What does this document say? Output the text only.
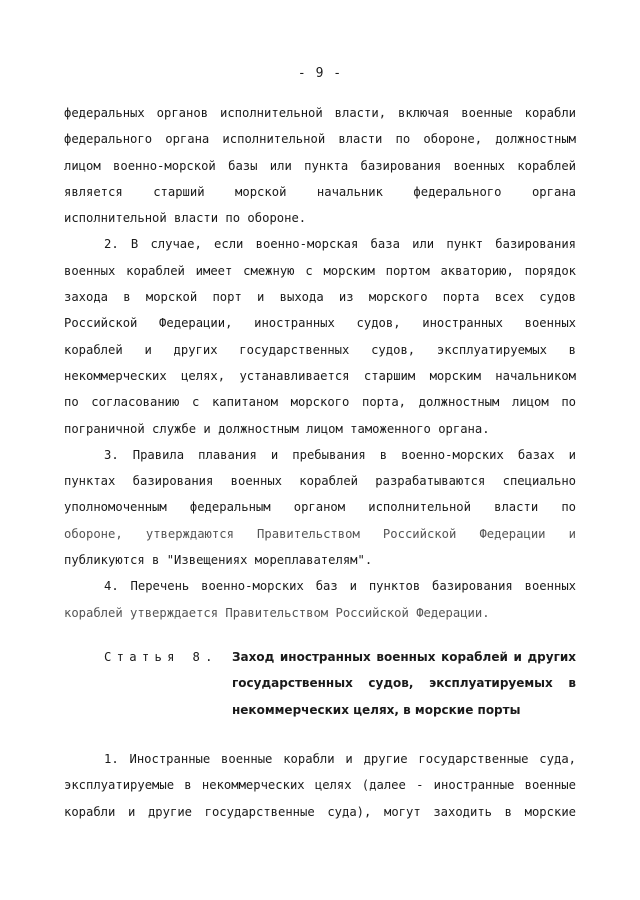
- 9 -
федеральных органов исполнительной власти, включая военные корабли
федерального органа исполнительной власти по обороне, должностным
лицом военно-морской базы или пункта базирования военных кораблей
является старший морской начальник федерального органа
исполнительной власти по обороне.
2. В случае, если военно-морская база или пункт базирования
военных кораблей имеет смежную с морским портом акваторию, порядок
захода в морской порт и выхода из морского порта всех судов
Российской Федерации, иностранных судов, иностранных военных
кораблей и других государственных судов, эксплуатируемых в
некоммерческих целях, устанавливается старшим морским начальником
по согласованию с капитаном морского порта, должностным лицом по
пограничной службе и должностным лицом таможенного органа.
3. Правила плавания и пребывания в военно-морских базах и
пунктах базирования военных кораблей разрабатываются специально
уполномоченным федеральным органом исполнительной власти по
обороне, утверждаются Правительством Российской Федерации и
публикуются в "Извещениях мореплавателям".
4. Перечень военно-морских баз и пунктов базирования военных
кораблей утверждается Правительством Российской Федерации.
Статья 8. Заход иностранных военных кораблей и других
государственных судов, эксплуатируемых в
некоммерческих целях, в морские порты
1. Иностранные военные корабли и другие государственные суда,
эксплуатируемые в некоммерческих целях (далее - иностранные военные
корабли и другие государственные суда), могут заходить в морские
